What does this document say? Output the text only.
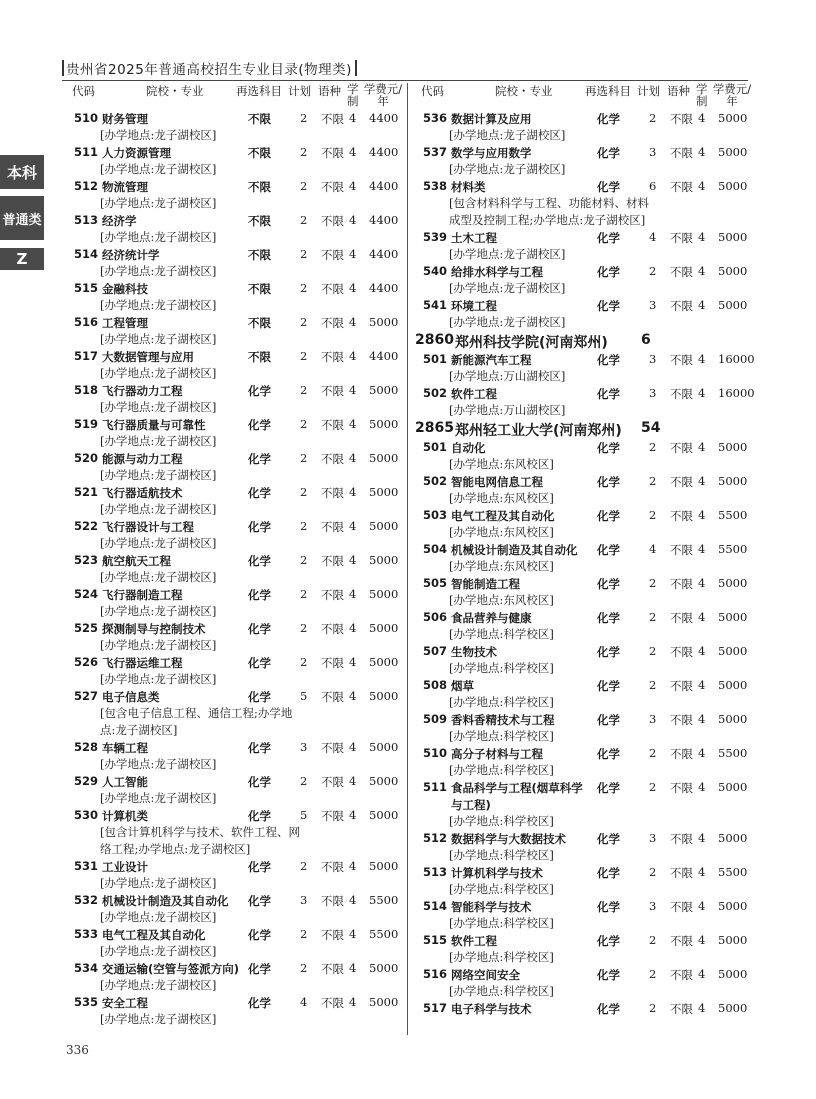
本科
普通类
Z
贵州省2025年普通高校招生专业目录(物理类)
代码	院校・专业	再选科目 计划 语种 学制
学费元/年
510 财务管理	不限	2 不限 4 4400
[办学地点:龙子湖校区]
511 人力资源管理	不限	2 不限 4 4400
[办学地点:龙子湖校区]
512 物流管理	不限	2 不限 4 4400
[办学地点:龙子湖校区]
513 经济学	不限	2 不限 4 4400
[办学地点:龙子湖校区]
514 经济统计学	不限	2 不限 4 4400
[办学地点:龙子湖校区]
515 金融科技	不限	2 不限 4 4400
[办学地点:龙子湖校区]
516 工程管理	不限	2 不限 4 5000
[办学地点:龙子湖校区]
517 大数据管理与应用	不限	2 不限 4 4400
[办学地点:龙子湖校区]
518 飞行器动力工程	化学	2 不限 4 5000
[办学地点:龙子湖校区]
519 飞行器质量与可靠性	化学	2 不限 4 5000
[办学地点:龙子湖校区]
520 能源与动力工程	化学	2 不限 4 5000
[办学地点:龙子湖校区]
521 飞行器适航技术	化学	2 不限 4 5000
[办学地点:龙子湖校区]
522 飞行器设计与工程	化学	2 不限 4 5000
[办学地点:龙子湖校区]
523 航空航天工程	化学	2 不限 4 5000
[办学地点:龙子湖校区]
524 飞行器制造工程	化学	2 不限 4 5000
[办学地点:龙子湖校区]
525 探测制导与控制技术	化学	2 不限 4 5000
[办学地点:龙子湖校区]
526 飞行器运维工程	化学	2 不限 4 5000
[办学地点:龙子湖校区]
527 电子信息类	化学	5 不限 4 5000
[包含电子信息工程、通信工程;办学地点:龙子湖校区]
528 车辆工程	化学	3 不限 4 5000
[办学地点:龙子湖校区]
529 人工智能	化学	2 不限 4 5000
[办学地点:龙子湖校区]
530 计算机类	化学	5 不限 4 5000
[包含计算机科学与技术、软件工程、网络工程;办学地点:龙子湖校区]
531 工业设计	化学	2 不限 4 5000
[办学地点:龙子湖校区]
532 机械设计制造及其自动化 化学	3 不限 4 5500
[办学地点:龙子湖校区]
533 电气工程及其自动化	化学	2 不限 4 5500
[办学地点:龙子湖校区]
534 交通运输(空管与签派方向) 化学	2 不限 4 5000
[办学地点:龙子湖校区]
535 安全工程	化学	4 不限 4 5000
[办学地点:龙子湖校区]
代码	院校・专业	再选科目 计划 语种 学制
学费元/年
536 数据计算及应用	化学	2 不限 4 5000
[办学地点:龙子湖校区]
537 数学与应用数学	化学	3 不限 4 5000
[办学地点:龙子湖校区]
538 材料类	化学	6 不限 4 5000
[包含材料科学与工程、功能材料、材料成型及控制工程;办学地点:龙子湖校区]
539 土木工程	化学	4 不限 4 5000
[办学地点:龙子湖校区]
540 给排水科学与工程	化学	2 不限 4 5000
[办学地点:龙子湖校区]
541 环境工程	化学	3 不限 4 5000
[办学地点:龙子湖校区]
2860 郑州科技学院(河南郑州) 6
501 新能源汽车工程	化学	3 不限 4 16000
[办学地点:万山湖校区]
502 软件工程	化学	3 不限 4 16000
[办学地点:万山湖校区]
2865 郑州轻工业大学(河南郑州) 54
501 自动化	化学	2 不限 4 5000
[办学地点:东风校区]
502 智能电网信息工程	化学	2 不限 4 5000
[办学地点:东风校区]
503 电气工程及其自动化	化学	2 不限 4 5500
[办学地点:东风校区]
504 机械设计制造及其自动化 化学	4 不限 4 5500
[办学地点:东风校区]
505 智能制造工程	化学	2 不限 4 5000
[办学地点:东风校区]
506 食品营养与健康	化学	2 不限 4 5000
[办学地点:科学校区]
507 生物技术	化学	2 不限 4 5000
[办学地点:科学校区]
508 烟草	化学	2 不限 4 5000
[办学地点:科学校区]
509 香料香精技术与工程	化学	3 不限 4 5000
[办学地点:科学校区]
510 高分子材料与工程	化学	2 不限 4 5500
[办学地点:科学校区]
511 食品科学与工程(烟草科学与工程)
化学	2 不限 4 5000
[办学地点:科学校区]
512 数据科学与大数据技术	化学	3 不限 4 5000
[办学地点:科学校区]
513 计算机科学与技术	化学	2 不限 4 5500
[办学地点:科学校区]
514 智能科学与技术	化学	3 不限 4 5000
[办学地点:科学校区]
515 软件工程	化学	2 不限 4 5000
[办学地点:科学校区]
516 网络空间安全	化学	2 不限 4 5000
[办学地点:科学校区]
517 电子科学与技术	化学	2 不限 4 5000
336
